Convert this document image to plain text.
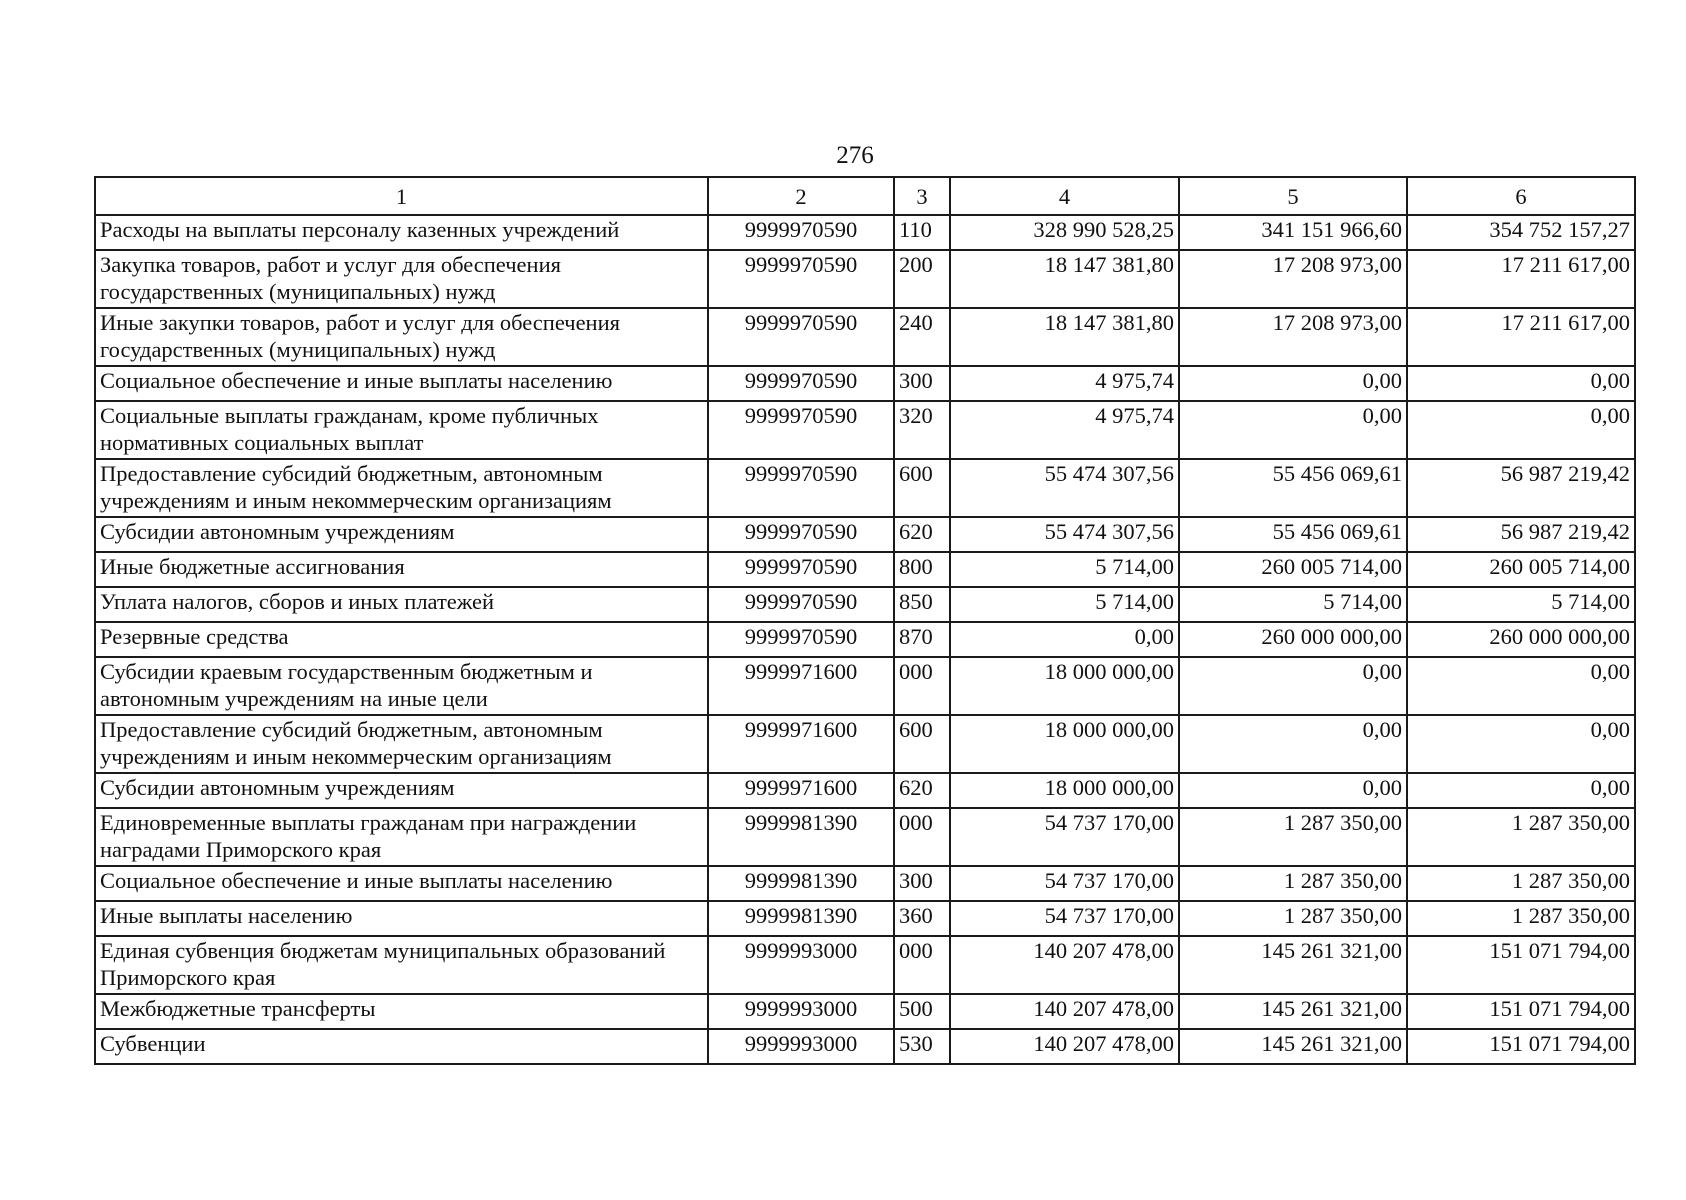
276
1	2	3	4	5	6
Расходы на выплаты персоналу казенных учреждений	9999970590	110	328 990 528,25	341 151 966,60	354 752 157,27
Закупка товаров, работ и услуг для обеспечения государственных (муниципальных) нужд	9999970590	200	18 147 381,80	17 208 973,00	17 211 617,00
Иные закупки товаров, работ и услуг для обеспечения государственных (муниципальных) нужд	9999970590	240	18 147 381,80	17 208 973,00	17 211 617,00
Социальное обеспечение и иные выплаты населению	9999970590	300	4 975,74	0,00	0,00
Социальные выплаты гражданам, кроме публичных нормативных социальных выплат	9999970590	320	4 975,74	0,00	0,00
Предоставление субсидий бюджетным, автономным учреждениям и иным некоммерческим организациям	9999970590	600	55 474 307,56	55 456 069,61	56 987 219,42
Субсидии автономным учреждениям	9999970590	620	55 474 307,56	55 456 069,61	56 987 219,42
Иные бюджетные ассигнования	9999970590	800	5 714,00	260 005 714,00	260 005 714,00
Уплата налогов, сборов и иных платежей	9999970590	850	5 714,00	5 714,00	5 714,00
Резервные средства	9999970590	870	0,00	260 000 000,00	260 000 000,00
Субсидии краевым государственным бюджетным и автономным учреждениям на иные цели	9999971600	000	18 000 000,00	0,00	0,00
Предоставление субсидий бюджетным, автономным учреждениям и иным некоммерческим организациям	9999971600	600	18 000 000,00	0,00	0,00
Субсидии автономным учреждениям	9999971600	620	18 000 000,00	0,00	0,00
Единовременные выплаты гражданам при награждении наградами Приморского края	9999981390	000	54 737 170,00	1 287 350,00	1 287 350,00
Социальное обеспечение и иные выплаты населению	9999981390	300	54 737 170,00	1 287 350,00	1 287 350,00
Иные выплаты населению	9999981390	360	54 737 170,00	1 287 350,00	1 287 350,00
Единая субвенция бюджетам муниципальных образований Приморского края	9999993000	000	140 207 478,00	145 261 321,00	151 071 794,00
Межбюджетные трансферты	9999993000	500	140 207 478,00	145 261 321,00	151 071 794,00
Субвенции	9999993000	530	140 207 478,00	145 261 321,00	151 071 794,00
